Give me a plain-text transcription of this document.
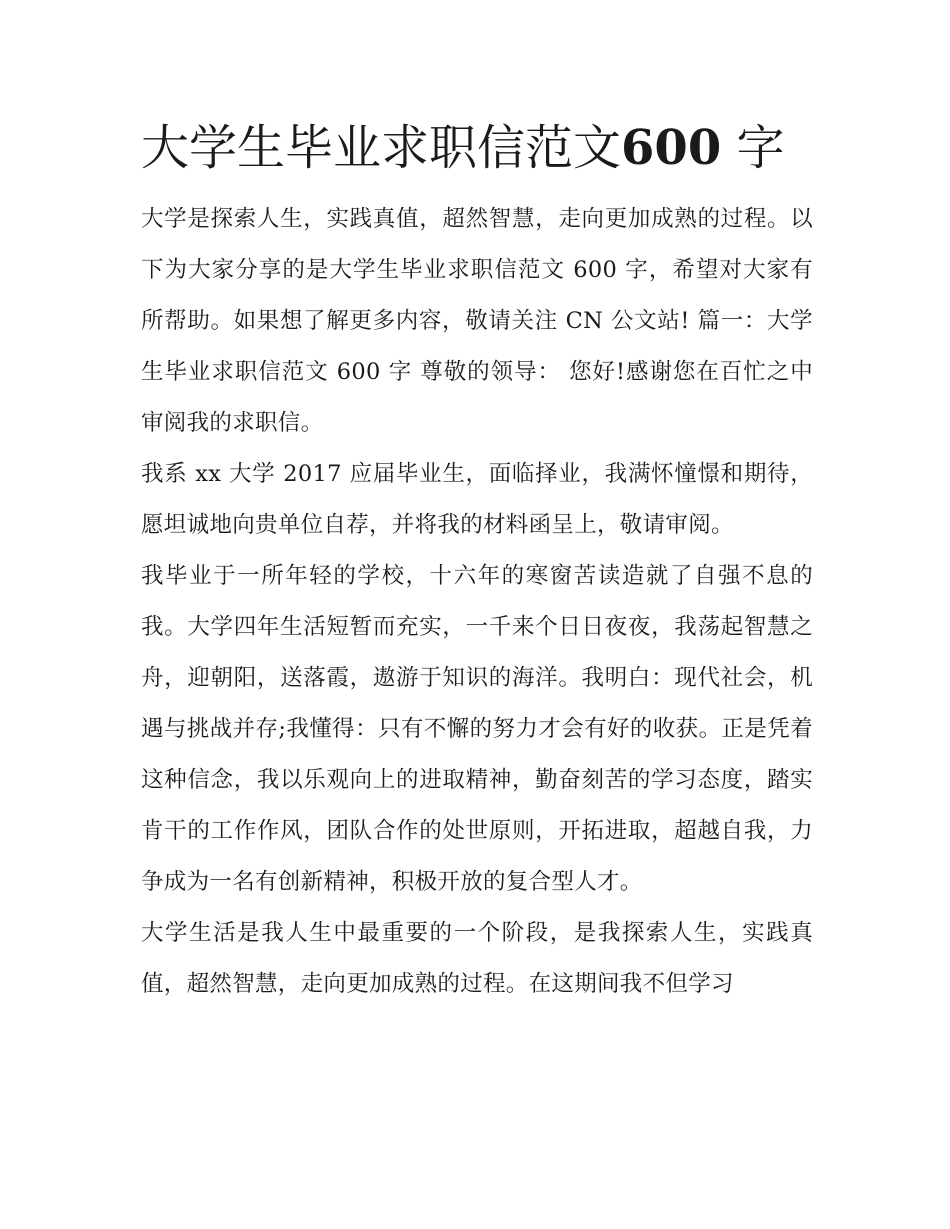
大学生毕业求职信范文600 字

大学是探索人生，实践真值，超然智慧，走向更加成熟的过程。以下为大家分享的是大学生毕业求职信范文 600 字，希望对大家有所帮助。如果想了解更多内容，敬请关注 CN 公文站! 篇一：大学生毕业求职信范文 600 字 尊敬的领导： 您好!感谢您在百忙之中审阅我的求职信。

我系 xx 大学 2017 应届毕业生，面临择业，我满怀憧憬和期待，愿坦诚地向贵单位自荐，并将我的材料函呈上，敬请审阅。

我毕业于一所年轻的学校，十六年的寒窗苦读造就了自强不息的我。大学四年生活短暂而充实，一千来个日日夜夜，我荡起智慧之舟，迎朝阳，送落霞，遨游于知识的海洋。我明白：现代社会，机遇与挑战并存;我懂得：只有不懈的努力才会有好的收获。正是凭着这种信念，我以乐观向上的进取精神，勤奋刻苦的学习态度，踏实肯干的工作作风，团队合作的处世原则，开拓进取，超越自我，力争成为一名有创新精神，积极开放的复合型人才。

大学生活是我人生中最重要的一个阶段，是我探索人生，实践真值，超然智慧，走向更加成熟的过程。在这期间我不但学习
